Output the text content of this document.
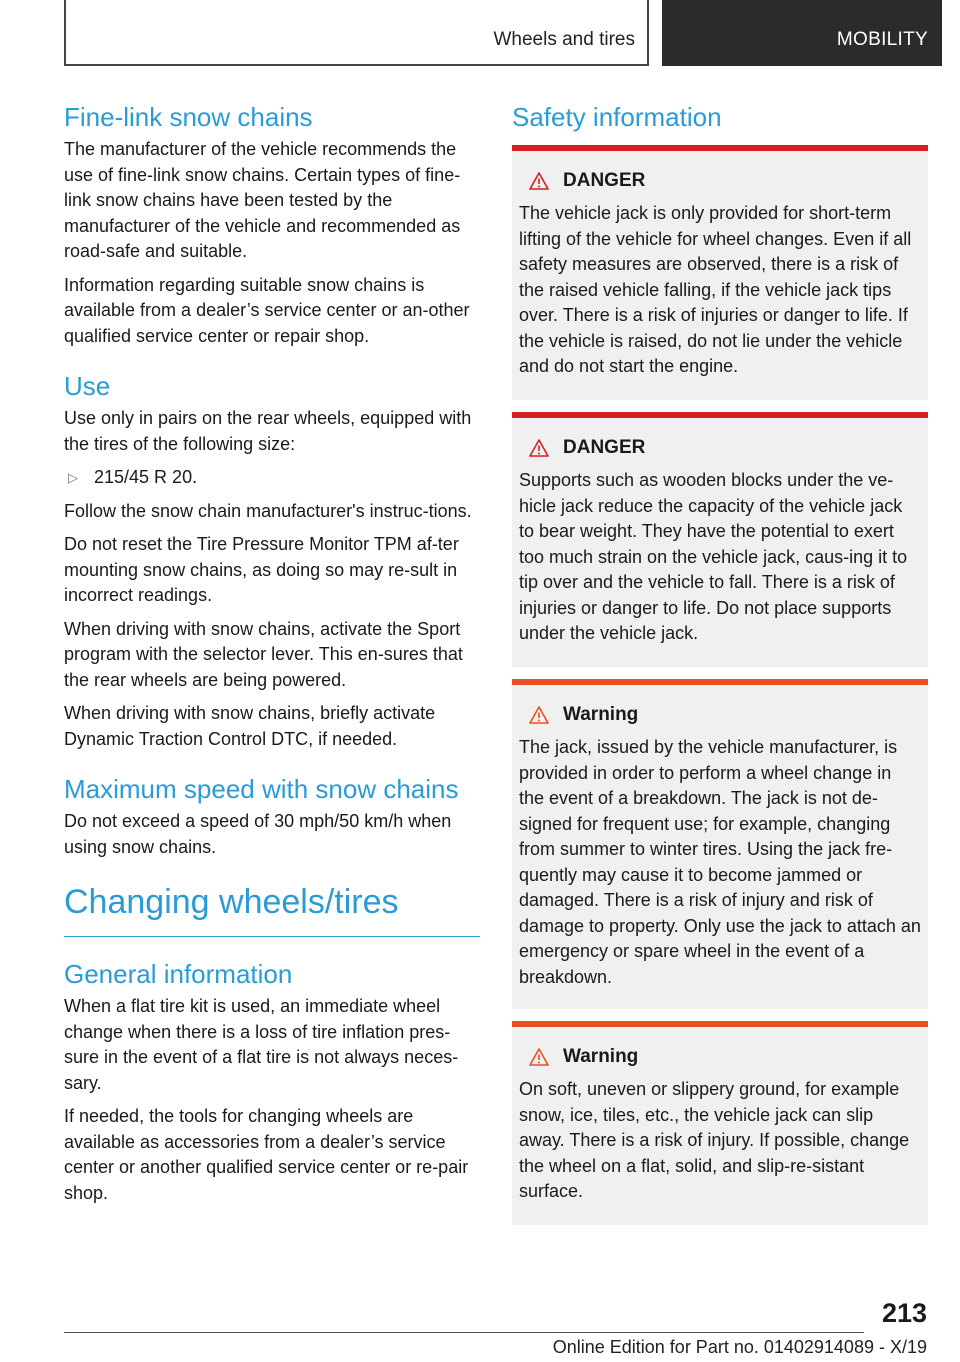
Wheels and tires	MOBILITY
Fine-link snow chains

The manufacturer of the vehicle recommends the use of fine-link snow chains. Certain types of fine-link snow chains have been tested by the manufacturer of the vehicle and recommended as road-safe and suitable.

Information regarding suitable snow chains is available from a dealer’s service center or an-other qualified service center or repair shop.

Use

Use only in pairs on the rear wheels, equipped with the tires of the following size:

▷ 215/45 R 20.

Follow the snow chain manufacturer's instruc-tions.

Do not reset the Tire Pressure Monitor TPM af-ter mounting snow chains, as doing so may re-sult in incorrect readings.

When driving with snow chains, activate the Sport program with the selector lever. This en-sures that the rear wheels are being powered.

When driving with snow chains, briefly activate Dynamic Traction Control DTC, if needed.

Maximum speed with snow chains

Do not exceed a speed of 30 mph/50 km/h when using snow chains.

Changing wheels/tires
General information

When a flat tire kit is used, an immediate wheel change when there is a loss of tire inflation pres-sure in the event of a flat tire is not always neces-sary.

If needed, the tools for changing wheels are available as accessories from a dealer’s service center or another qualified service center or re-pair shop.

Safety information
DANGER

The vehicle jack is only provided for short-term lifting of the vehicle for wheel changes. Even if all safety measures are observed, there is a risk of the raised vehicle falling, if the vehicle jack tips over. There is a risk of injuries or danger to life. If the vehicle is raised, do not lie under the vehicle and do not start the engine.

DANGER

Supports such as wooden blocks under the ve-hicle jack reduce the capacity of the vehicle jack to bear weight. They have the potential to exert too much strain on the vehicle jack, caus-ing it to tip over and the vehicle to fall. There is a risk of injuries or danger to life. Do not place supports under the vehicle jack.

Warning

The jack, issued by the vehicle manufacturer, is provided in order to perform a wheel change in the event of a breakdown. The jack is not de-signed for frequent use; for example, changing from summer to winter tires. Using the jack fre-quently may cause it to become jammed or damaged. There is a risk of injury and risk of damage to property. Only use the jack to attach an emergency or spare wheel in the event of a breakdown.

Warning

On soft, uneven or slippery ground, for example snow, ice, tiles, etc., the vehicle jack can slip away. There is a risk of injury. If possible, change the wheel on a flat, solid, and slip-re-sistant surface.

213
Online Edition for Part no. 01402914089 - X/19
